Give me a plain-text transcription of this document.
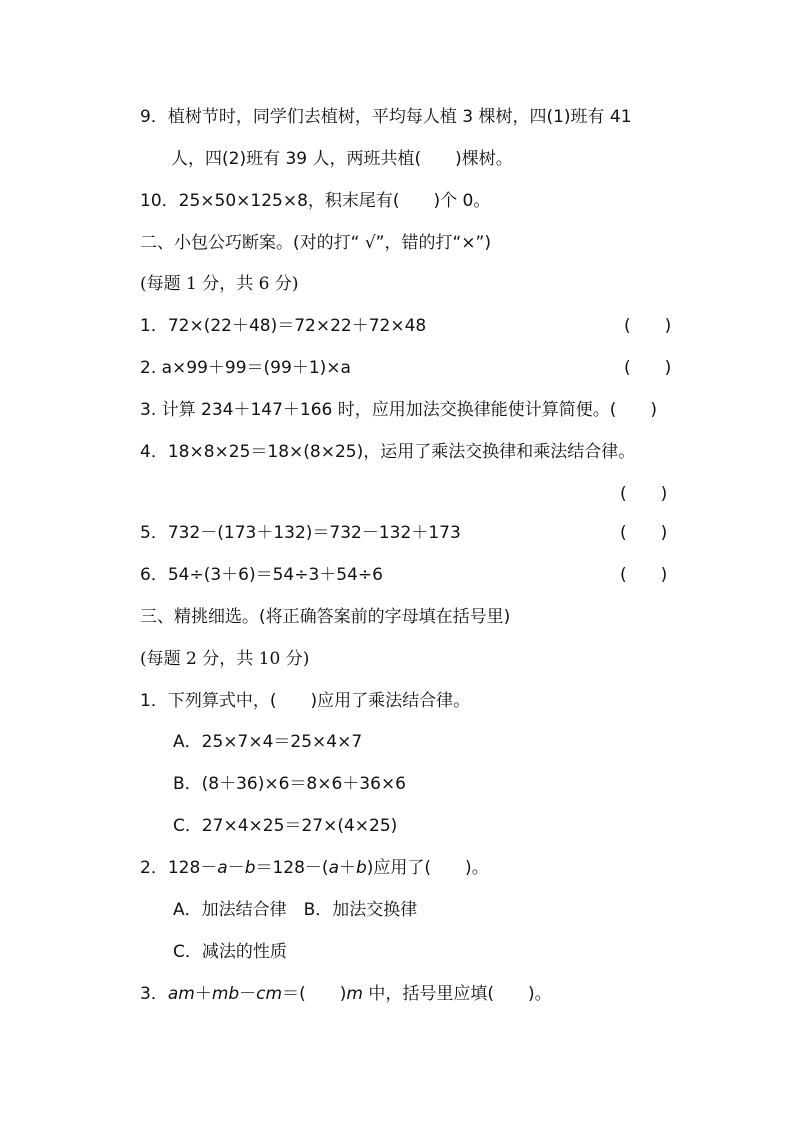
9．植树节时，同学们去植树，平均每人植 3 棵树，四(1)班有 41
人，四(2)班有 39 人，两班共植(　　)棵树。
10．25×50×125×8，积末尾有(　　)个 0。
二、小包公巧断案。(对的打“ √”，错的打“×”)
(每题 1 分，共 6 分)
1．72×(22＋48)＝72×22＋72×48	(　　)
2. a×99＋99＝(99＋1)×a	(　　)
3. 计算 234＋147＋166 时，应用加法交换律能使计算简便。(　　)
4．18×8×25＝18×(8×25)，运用了乘法交换律和乘法结合律。
(　　)
5．732－(173＋132)＝732－132＋173	(　　)
6．54÷(3＋6)＝54÷3＋54÷6	(　　)
三、精挑细选。(将正确答案前的字母填在括号里)
(每题 2 分，共 10 分)
1．下列算式中，(　　)应用了乘法结合律。
A．25×7×4＝25×4×7
B．(8＋36)×6＝8×6＋36×6
C．27×4×25＝27×(4×25)
2．128－a－b＝128－(a＋b)应用了(　　)。
A．加法结合律　B．加法交换律
C．减法的性质
3．am＋mb－cm＝(　　)m 中，括号里应填(　　)。
